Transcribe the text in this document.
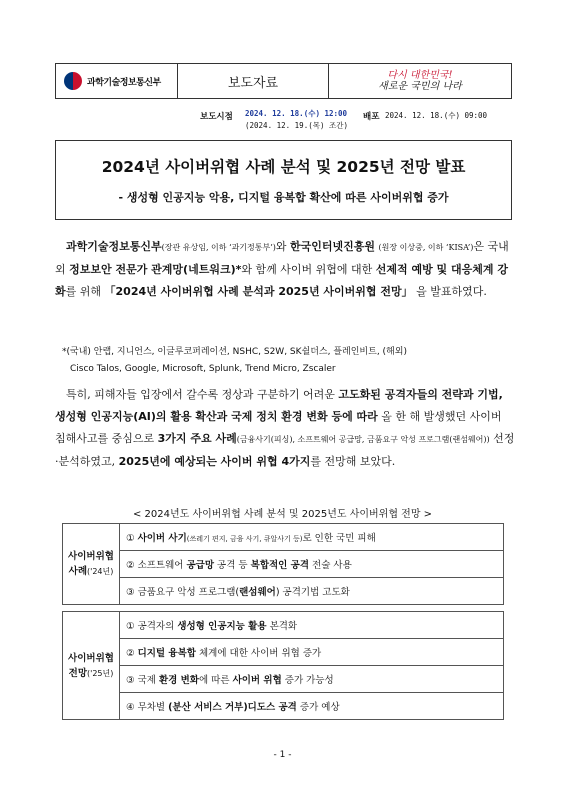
과학기술정보통신부	보도자료	다시 대한민국!
새로운 국민의 나라
보도시점 2024. 12. 18.(수) 12:00
(2024. 12. 19.(목) 조간)
배포 2024. 12. 18.(수) 09:00
2024년 사이버위협 사례 분석 및 2025년 전망 발표
- 생성형 인공지능 악용, 디지털 융복합 확산에 따른 사이버위협 증가
과학기술정보통신부(장관 유상임, 이하 ‘과기정통부’)와 한국인터넷진흥원 (원장 이상중, 이하 ‘KISA’)은 국내외 정보보안 전문가 관계망(네트워크)*와 함께 사이버 위협에 대한 선제적 예방 및 대응체계 강화를 위해 「2024년 사이버위협 사례 분석과 2025년 사이버위협 전망」 을 발표하였다.
*(국내) 안랩, 지니언스, 이글루코퍼레이션, NSHC, S2W, SK쉴더스, 플레인비트, (해외)
Cisco Talos, Google, Microsoft, Splunk, Trend Micro, Zscaler
특히, 피해자들 입장에서 갈수록 정상과 구분하기 어려운 고도화된 공격자들의 전략과 기법, 생성형 인공지능(AI)의 활용 확산과 국제 정치 환경 변화 등에 따라 올 한 해 발생했던 사이버 침해사고를 중심으로 3가지 주요 사례(금융사기(피싱), 소프트웨어 공급망, 금품요구 악성 프로그램(랜섬웨어)) 선정·분석하였고, 2025년에 예상되는 사이버 위협 4가지를 전망해 보았다.
< 2024년도 사이버위협 사례 분석 및 2025년도 사이버위협 전망 >
사이버위협
사례('24년)	① 사이버 사기(쓰레기 편지, 금융 사기, 큐알사기 등)로 인한 국민 피해
	② 소프트웨어 공급망 공격 등 복합적인 공격 전술 사용
	③ 금품요구 악성 프로그램(랜섬웨어) 공격기법 고도화

사이버위협
전망('25년)	① 공격자의 생성형 인공지능 활용 본격화
	② 디지털 융복합 체계에 대한 사이버 위협 증가
	③ 국제 환경 변화에 따른 사이버 위협 증가 가능성
	④ 무차별 (분산 서비스 거부)디도스 공격 증가 예상
- 1 -
